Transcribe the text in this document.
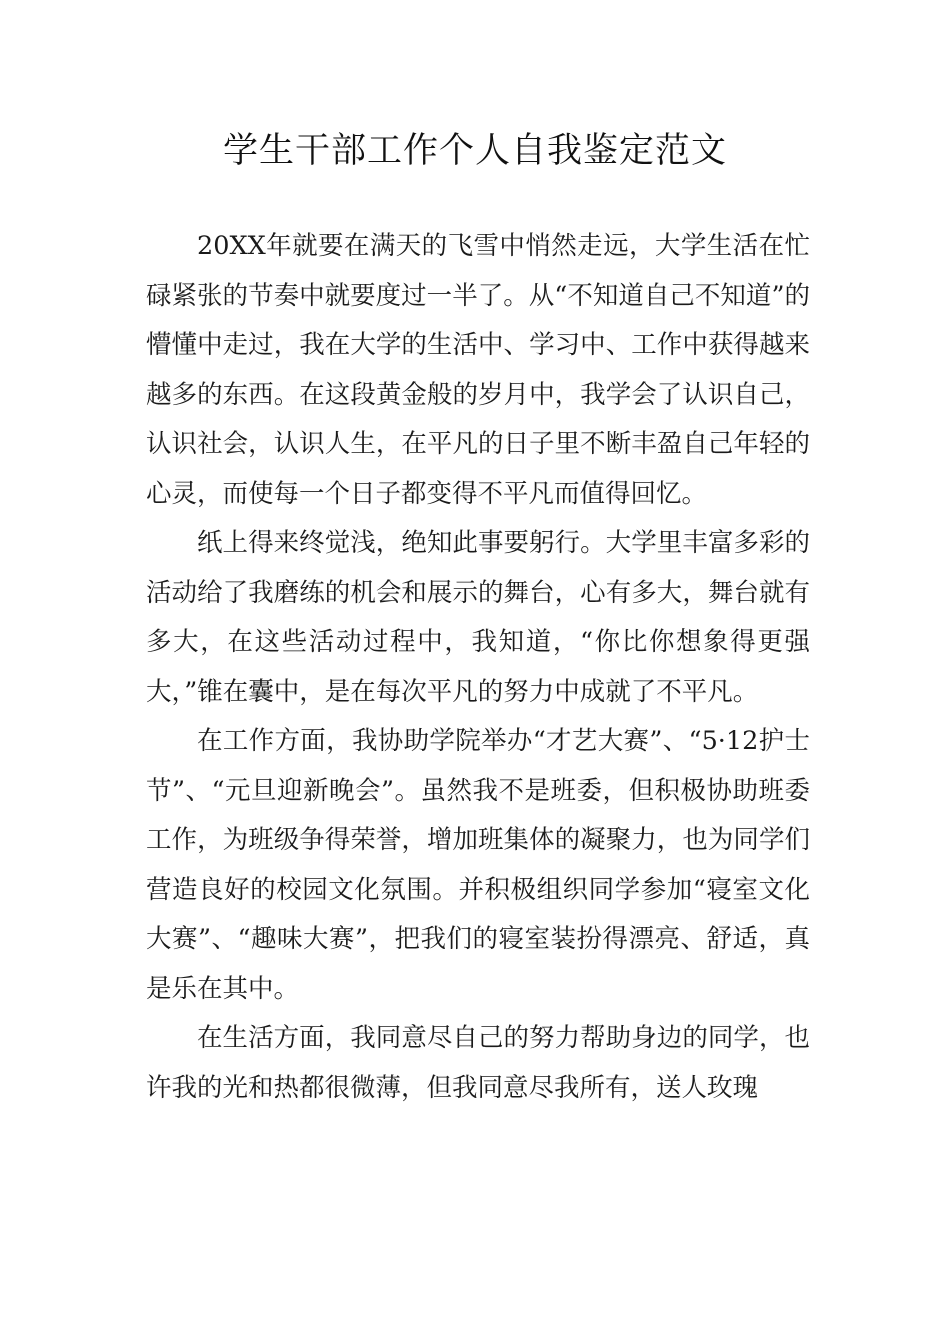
学生干部工作个人自我鉴定范文

20XX年就要在满天的飞雪中悄然走远，大学生活在忙碌紧张的节奏中就要度过一半了。从“不知道自己不知道”的懵懂中走过，我在大学的生活中、学习中、工作中获得越来越多的东西。在这段黄金般的岁月中，我学会了认识自己，认识社会，认识人生，在平凡的日子里不断丰盈自己年轻的心灵，而使每一个日子都变得不平凡而值得回忆。

纸上得来终觉浅，绝知此事要躬行。大学里丰富多彩的活动给了我磨练的机会和展示的舞台，心有多大，舞台就有多大，在这些活动过程中，我知道，“你比你想象得更强大，”锥在囊中，是在每次平凡的努力中成就了不平凡。

在工作方面，我协助学院举办“才艺大赛”、“5·12护士节”、“元旦迎新晚会”。虽然我不是班委，但积极协助班委工作，为班级争得荣誉，增加班集体的凝聚力，也为同学们营造良好的校园文化氛围。并积极组织同学参加“寝室文化大赛”、“趣味大赛”，把我们的寝室装扮得漂亮、舒适，真是乐在其中。

在生活方面，我同意尽自己的努力帮助身边的同学，也许我的光和热都很微薄，但我同意尽我所有，送人玫瑰
